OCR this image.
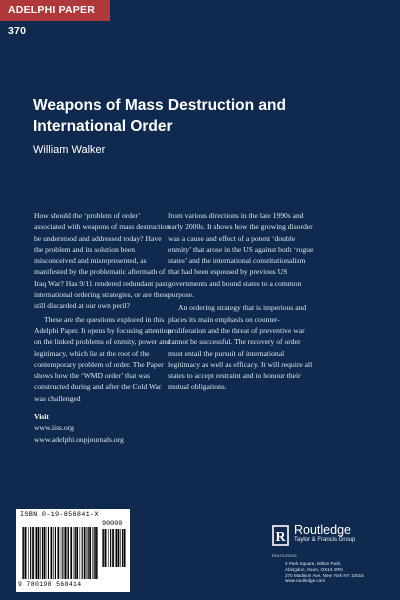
ADELPHI PAPER 370
Weapons of Mass Destruction and International Order
William Walker

How should the ‘problem of order’ associated with weapons of mass destruction be understood and addressed today? Have the problem and its solution been misconceived and misrepresented, as manifested by the problematic aftermath of Iraq War? Has 9/11 rendered redundant past international ordering strategies, or are these still discarded at our own peril?

These are the questions explored in this Adelphi Paper. It opens by focusing attention on the linked problems of enmity, power and legitimacy, which lie at the root of the contemporary problem of order. The Paper shows how the ‘WMD order’ that was constructed during and after the Cold War was challenged

from various directions in the late 1990s and early 2000s. It shows how the growing disorder was a cause and effect of a potent ‘double enmity’ that arose in the US against both ‘rogue states’ and the international constitutionalism that had been espoused by previous US governments and bound states to a common purpose.

An ordering strategy that is imperious and places its main emphasis on counter-proliferation and the threat of preventive war cannot be successful. The recovery of order must entail the pursuit of international legitimacy as well as efficacy. It will require all states to accept restraint and to honour their mutual obligations.

Visit
www.iiss.org
www.adelphi.oupjournals.org
ISBN 0-19-856841-X
90000
9 780198 568414
R
ROUTLEDGE
Routledge
Taylor & Francis Group
2 Park Square, Milton Park,
Abingdon, Oxon, OX14 4RN
270 Madison Ave, New York NY 10016
www.routledge.com
